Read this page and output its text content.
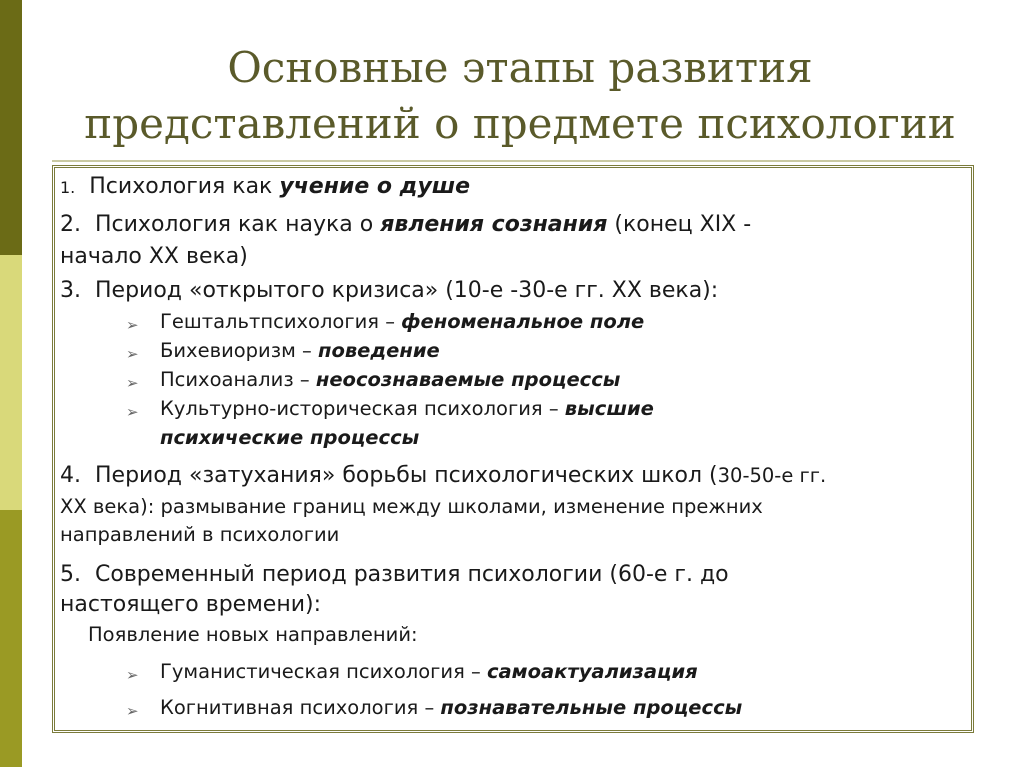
Основные этапы развития
представлений о предмете психологии
1. Психология как учение о душе
2. Психология как наука о явления сознания (конец XIX -
начало XX века)
3. Период «открытого кризиса» (10-е -30-е гг. XX века):
➢ Гештальтпсихология – феноменальное поле
➢ Бихевиоризм – поведение
➢ Психоанализ – неосознаваемые процессы
➢ Культурно-историческая психология – высшие
психические процессы
4. Период «затухания» борьбы психологических школ (30-50-е гг.
XX века): размывание границ между школами, изменение прежних
направлений в психологии
5. Современный период развития психологии (60-е г. до
настоящего времени):
Появление новых направлений:
➢ Гуманистическая психология – самоактуализация
➢ Когнитивная психология – познавательные процессы
